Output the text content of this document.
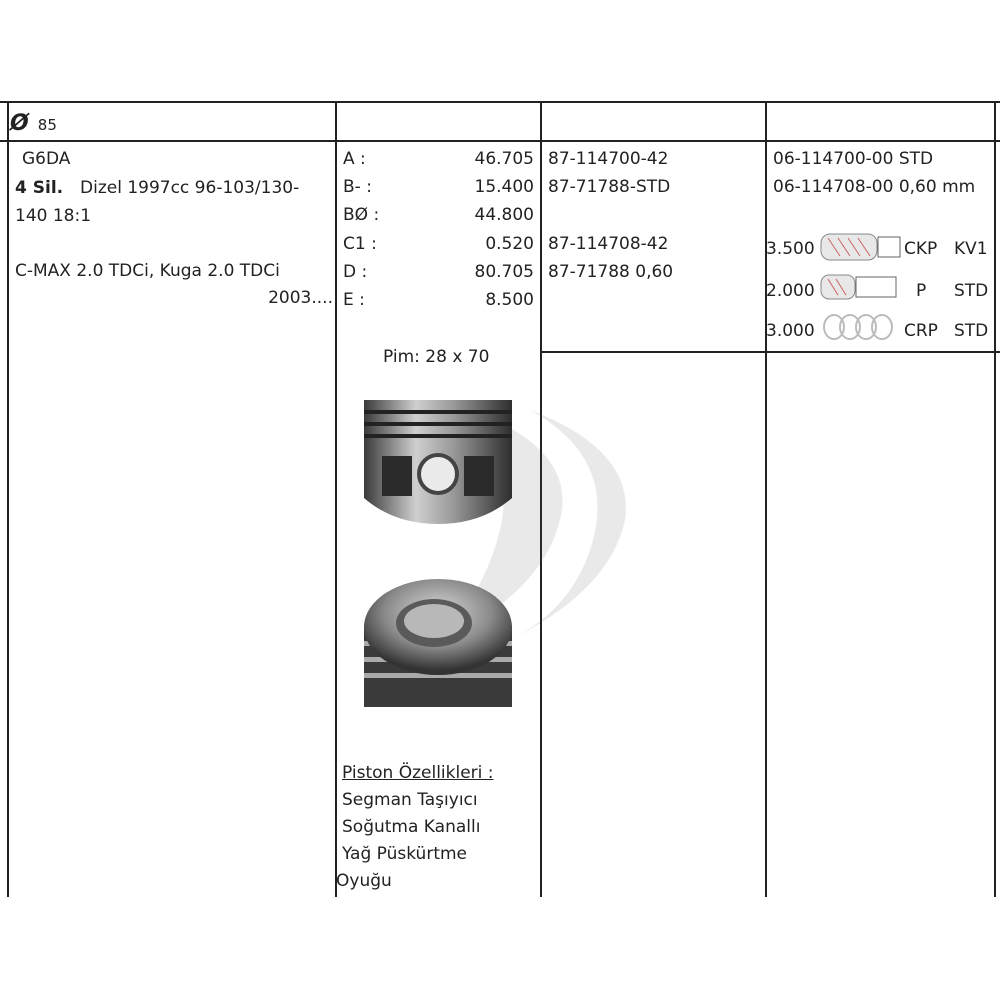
Ø 85
G6DA
4 Sil. Dizel 1997cc 96-103/130-
140 18:1
C-MAX 2.0 TDCi, Kuga 2.0 TDCi
2003....
A :	46.705
B- :	15.400
BØ :	44.800
C1 :	0.520
D :	80.705
E :	8.500
Pim: 28 x 70
Piston Özellikleri :
Segman Taşıyıcı
Soğutma Kanallı
Yağ Püskürtme
Oyuğu
87-114700-42
87-71788-STD
87-114708-42
87-71788 0,60
06-114700-00 STD
06-114708-00 0,60 mm
3.500	CKP KV1
2.000	P STD
3.000	CRP STD
